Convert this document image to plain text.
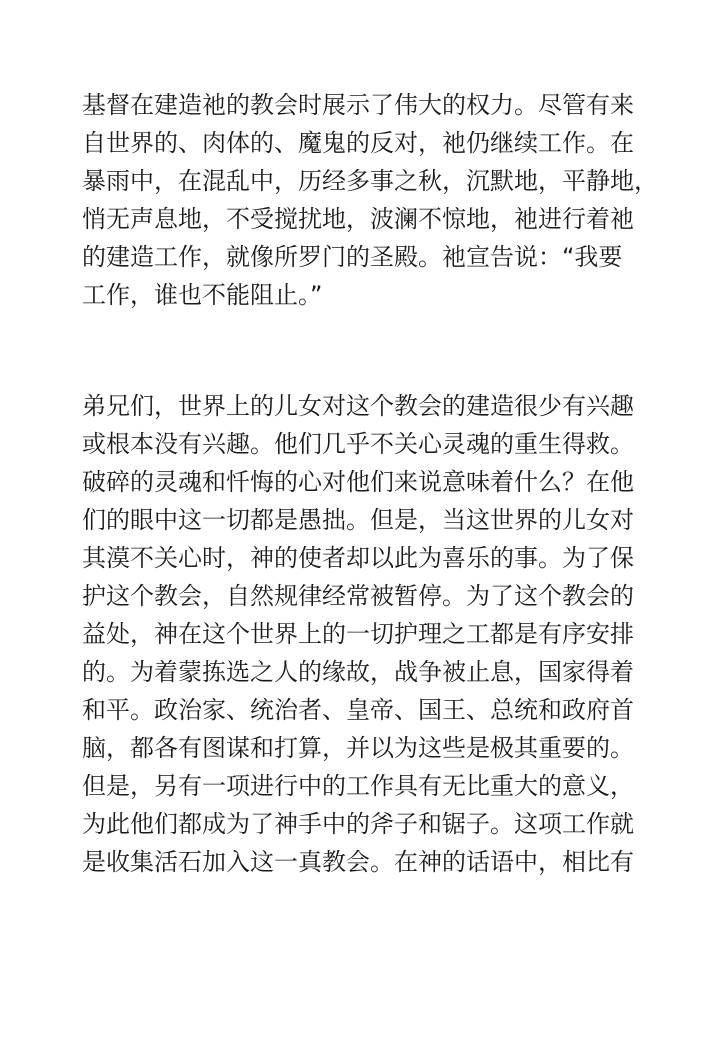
基督在建造祂的教会时展示了伟大的权力。尽管有来
自世界的、肉体的、魔鬼的反对，祂仍继续工作。在
暴雨中，在混乱中，历经多事之秋，沉默地，平静地，
悄无声息地，不受搅扰地，波澜不惊地，祂进行着祂
的建造工作，就像所罗门的圣殿。祂宣告说：“我要
工作，谁也不能阻止。”
弟兄们，世界上的儿女对这个教会的建造很少有兴趣
或根本没有兴趣。他们几乎不关心灵魂的重生得救。
破碎的灵魂和忏悔的心对他们来说意味着什么？在他
们的眼中这一切都是愚拙。但是，当这世界的儿女对
其漠不关心时，神的使者却以此为喜乐的事。为了保
护这个教会，自然规律经常被暂停。为了这个教会的
益处，神在这个世界上的一切护理之工都是有序安排
的。为着蒙拣选之人的缘故，战争被止息，国家得着
和平。政治家、统治者、皇帝、国王、总统和政府首
脑，都各有图谋和打算，并以为这些是极其重要的。
但是，另有一项进行中的工作具有无比重大的意义，
为此他们都成为了神手中的斧子和锯子。这项工作就
是收集活石加入这一真教会。在神的话语中，相比有
